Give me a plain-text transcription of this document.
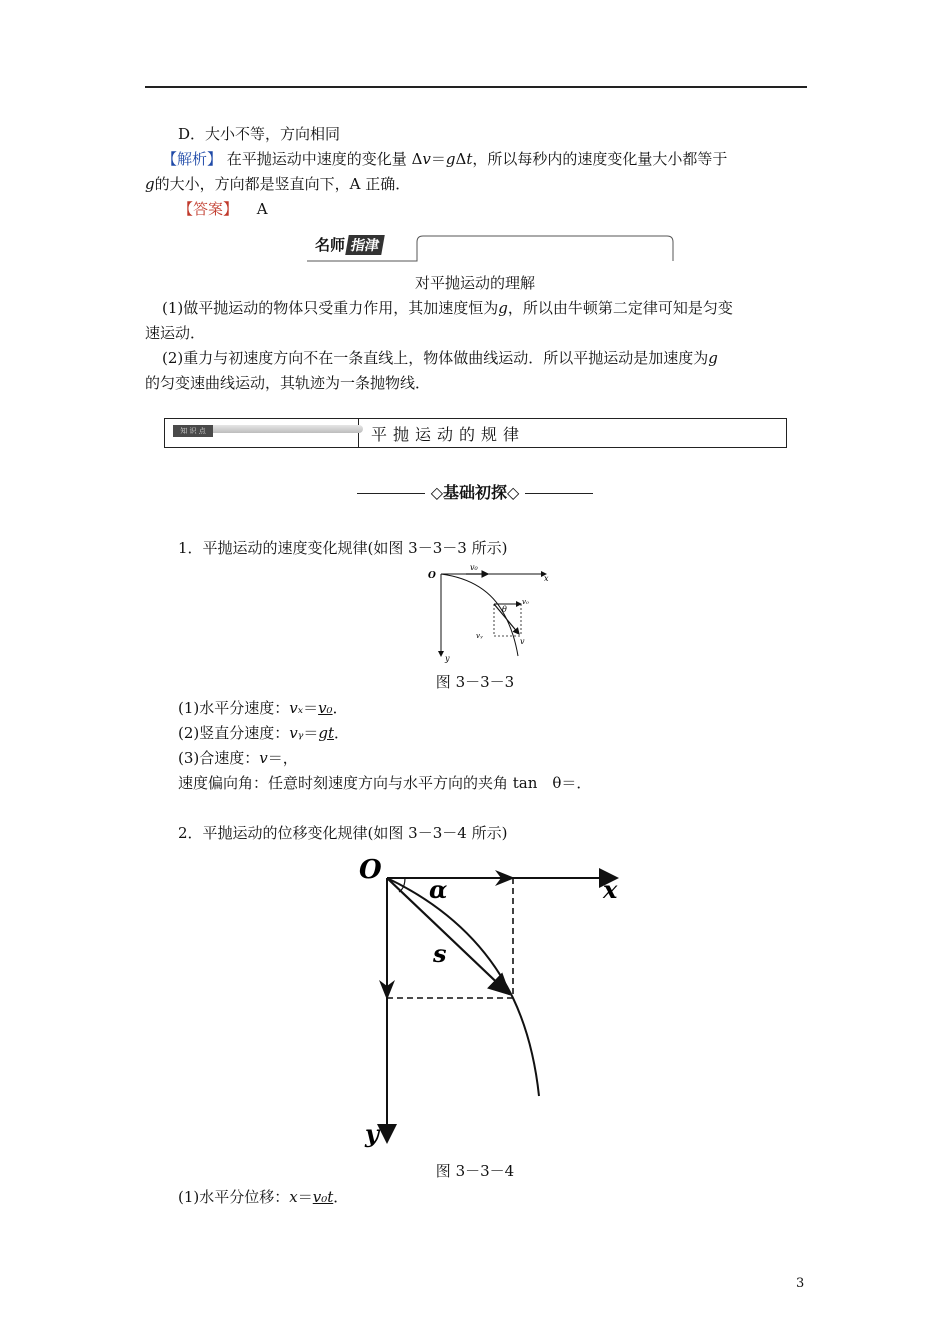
D．大小不等，方向相同
【解析】 在平抛运动中速度的变化量 Δv＝gΔt，所以每秒内的速度变化量大小都等于
g的大小，方向都是竖直向下，A 正确．
【答案】 A
名师 指津
对平抛运动的理解
(1)做平抛运动的物体只受重力作用，其加速度恒为g，所以由牛顿第二定律可知是匀变
速运动．
(2)重力与初速度方向不在一条直线上，物体做曲线运动．所以平抛运动是加速度为g
的匀变速曲线运动，其轨迹为一条抛物线．
知 识 点	平抛运动的规律
◇基础初探◇
1．平抛运动的速度变化规律(如图 3－3－3 所示)
O
v₀
x
θ
v₀
vᵧ
v
y
图 3－3－3
(1)水平分速度：vₓ＝v₀．
(2)竖直分速度：vᵧ＝gt．
(3)合速度：v＝，
速度偏向角：任意时刻速度方向与水平方向的夹角 tan　θ＝．
2．平抛运动的位移变化规律(如图 3－3－4 所示)
O
α	x
s
y
图 3－3－4
(1)水平分位移：x＝v₀t．
3
